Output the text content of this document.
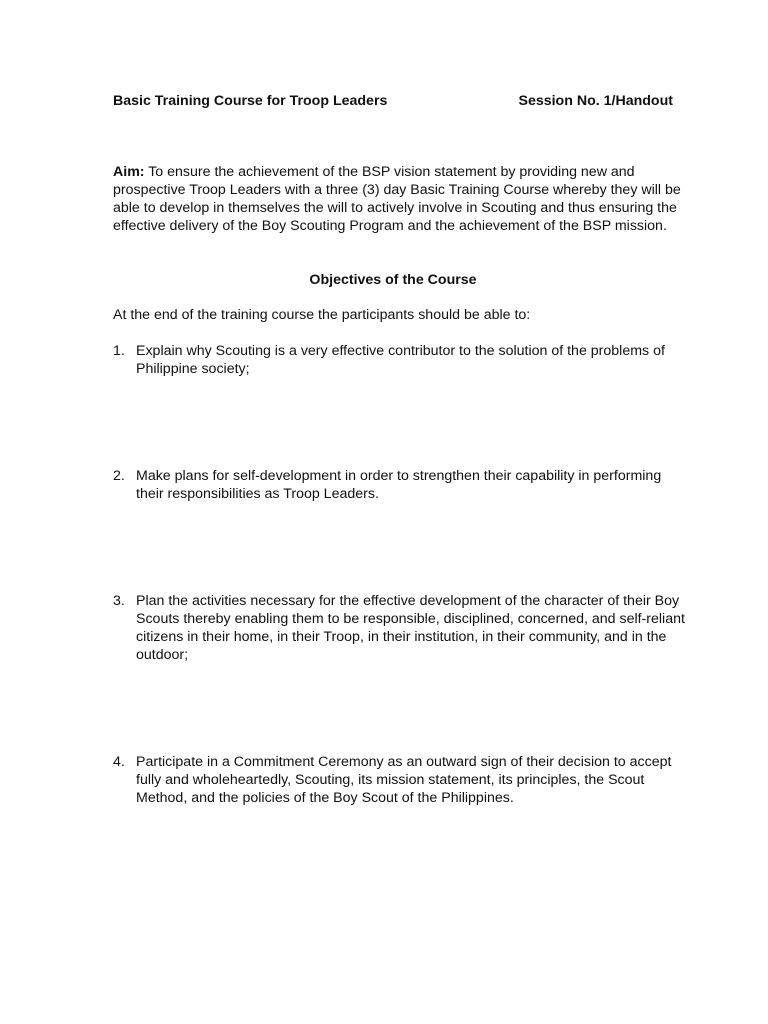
Basic Training Course for Troop Leaders	Session No. 1/Handout
Aim: To ensure the achievement of the BSP vision statement by providing new and prospective Troop Leaders with a three (3) day Basic Training Course whereby they will be able to develop in themselves the will to actively involve in Scouting and thus ensuring the effective delivery of the Boy Scouting Program and the achievement of the BSP mission.
Objectives of the Course
At the end of the training course the participants should be able to:
1. Explain why Scouting is a very effective contributor to the solution of the problems of Philippine society;
2. Make plans for self-development in order to strengthen their capability in performing their responsibilities as Troop Leaders.
3. Plan the activities necessary for the effective development of the character of their Boy Scouts thereby enabling them to be responsible, disciplined, concerned, and self-reliant citizens in their home, in their Troop, in their institution, in their community, and in the outdoor;
4. Participate in a Commitment Ceremony as an outward sign of their decision to accept fully and wholeheartedly, Scouting, its mission statement, its principles, the Scout Method, and the policies of the Boy Scout of the Philippines.
